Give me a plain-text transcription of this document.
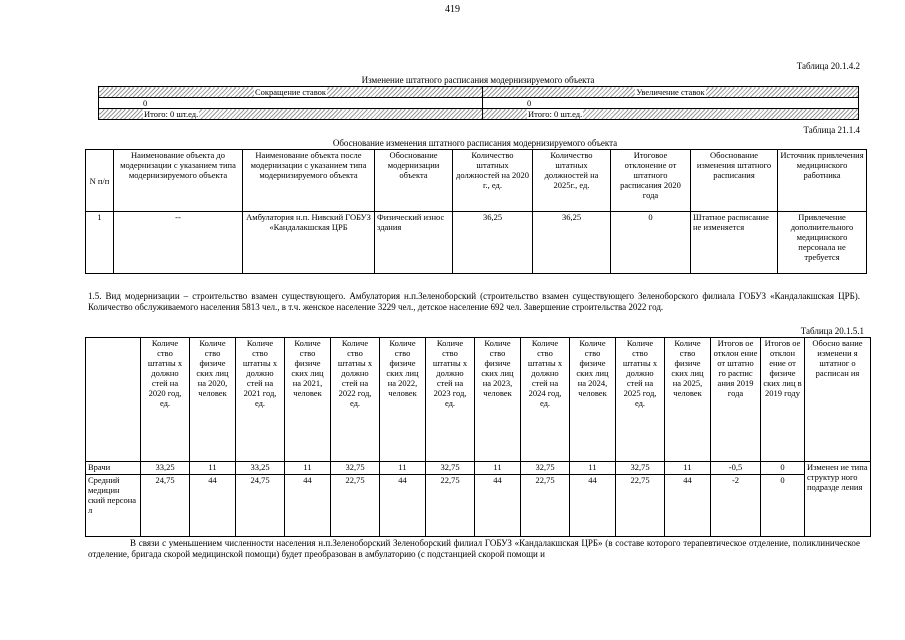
419
Таблица 20.1.4.2
Изменение штатного расписания модернизируемого объекта
Сокращение ставок	Увеличение ставок
0	0
Итого: 0 шт.ед.	Итого: 0 шт.ед.
Таблица 21.1.4
Обоснование изменения штатного расписания модернизируемого объекта
N п/п	Наименование объекта до модернизации с указанием типа модернизируемого объекта	Наименование объекта после модернизации с указанием типа модернизируемого объекта	Обоснование модернизации объекта	Количество штатных должностей на 2020 г., ед.	Количество штатных должностей на 2025г., ед.	Итоговое отклонение от штатного расписания 2020 года	Обоснование изменения штатного расписания	Источник привлечения медицинского работника
1	--	Амбулатория н.п. Нивский ГОБУЗ «Кандалакшская ЦРБ	Физический износ здания	36,25	36,25	0	Штатное расписание не изменяется	Привлечение дополнительного медицинского персонала не требуется
1.5. Вид модернизации – строительство взамен существующего. Амбулатория н.п.Зеленоборский (строительство взамен существующего Зеленоборского филиала ГОБУЗ «Кандалакшская ЦРБ). Количество обслуживаемого населения 5813 чел., в т.ч. женское население 3229 чел., детское население 692 чел. Завершение строительства 2022 год.
Таблица 20.1.5.1
	Количе ство штатны х должно стей на 2020 год, ед.	Количе ство физиче ских лиц на 2020, человек	Количе ство штатны х должно стей на 2021 год, ед.	Количе ство физиче ских лиц на 2021, человек	Количе ство штатны х должно стей на 2022 год, ед.	Количе ство физиче ских лиц на 2022, человек	Количе ство штатны х должно стей на 2023 год, ед.	Количе ство физиче ских лиц на 2023, человек	Количе ство штатны х должно стей на 2024 год, ед.	Количе ство физиче ских лиц на 2024, человек	Количе ство штатны х должно стей на 2025 год, ед.	Количе ство физиче ских лиц на 2025, человек	Итогов ое отклон ение от штатно го распис ания 2019 года	Итогов ое отклон ение от физиче ских лиц в 2019 году	Обосно вание изменени я штатног о расписан ия
Врачи	33,25	11	33,25	11	32,75	11	32,75	11	32,75	11	32,75	11	-0,5	0	Изменен ие типа структур ного подразде ления
Средний медицин ский персона л	24,75	44	24,75	44	22,75	44	22,75	44	22,75	44	22,75	44	-2	0	
В связи с уменьшением численности населения н.п.Зеленоборский Зеленоборский филиал ГОБУЗ «Кандалакшская ЦРБ» (в составе которого терапевтическое отделение, поликлиническое отделение, бригада скорой медицинской помощи) будет преобразован в амбулаторию (с подстанцией скорой помощи и
